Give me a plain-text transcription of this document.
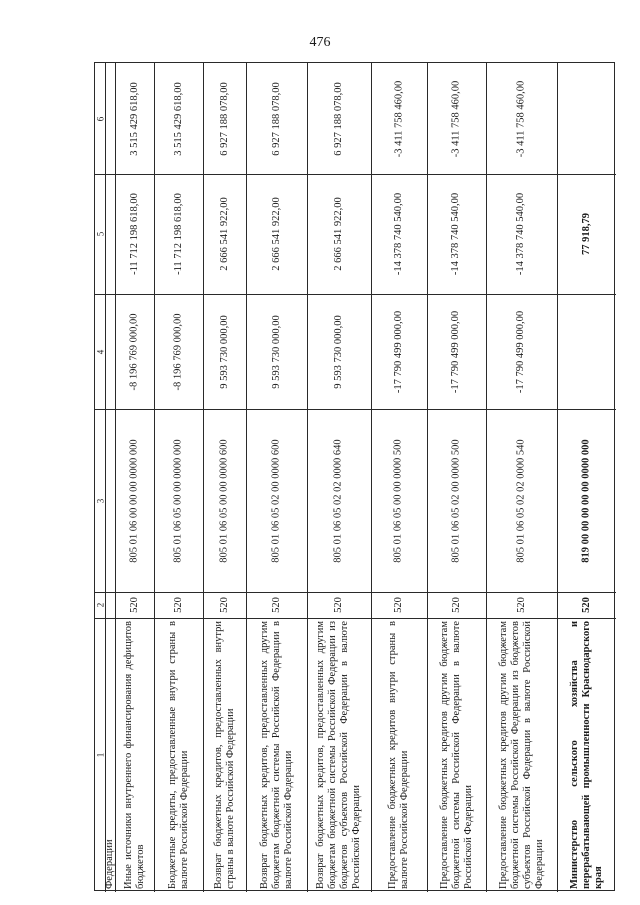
476
6
5
4
3
2
1
Федерации
3 515 429 618,00
-11 712 198 618,00
-8 196 769 000,00
805 01 06 00 00 00 0000 000
520
Иные источники внутреннего финансирования дефицитов бюджетов
3 515 429 618,00
-11 712 198 618,00
-8 196 769 000,00
805 01 06 05 00 00 0000 000
520
Бюджетные кредиты, предоставленные внутри страны в валюте Российской Федерации
6 927 188 078,00
2 666 541 922,00
9 593 730 000,00
805 01 06 05 00 00 0000 600
520
Возврат бюджетных кредитов, предоставленных внутри страны в валюте Российской Федерации
6 927 188 078,00
2 666 541 922,00
9 593 730 000,00
805 01 06 05 02 00 0000 600
520
Возврат бюджетных кредитов, предоставленных другим бюджетам бюджетной системы Российской Федерации в валюте Российской Федерации
6 927 188 078,00
2 666 541 922,00
9 593 730 000,00
805 01 06 05 02 02 0000 640
520
Возврат бюджетных кредитов, предоставленных другим бюджетам бюджетной системы Российской Федерации из бюджетов субъектов Российской Федерации в валюте Российской Федерации
-3 411 758 460,00
-14 378 740 540,00
-17 790 499 000,00
805 01 06 05 00 00 0000 500
520
Предоставление бюджетных кредитов внутри страны в валюте Российской Федерации
-3 411 758 460,00
-14 378 740 540,00
-17 790 499 000,00
805 01 06 05 02 00 0000 500
520
Предоставление бюджетных кредитов другим бюджетам бюджетной системы Российской Федерации в валюте Российской Федерации
-3 411 758 460,00
-14 378 740 540,00
-17 790 499 000,00
805 01 06 05 02 02 0000 540
520
Предоставление бюджетных кредитов другим бюджетам бюджетной системы Российской Федерации из бюджетов субъектов Российской Федерации в валюте Российской Федерации
77 918,79
819 00 00 00 00 00 0000 000
520
Министерство сельского хозяйства и перерабатывающей промышленности Краснодарского края
